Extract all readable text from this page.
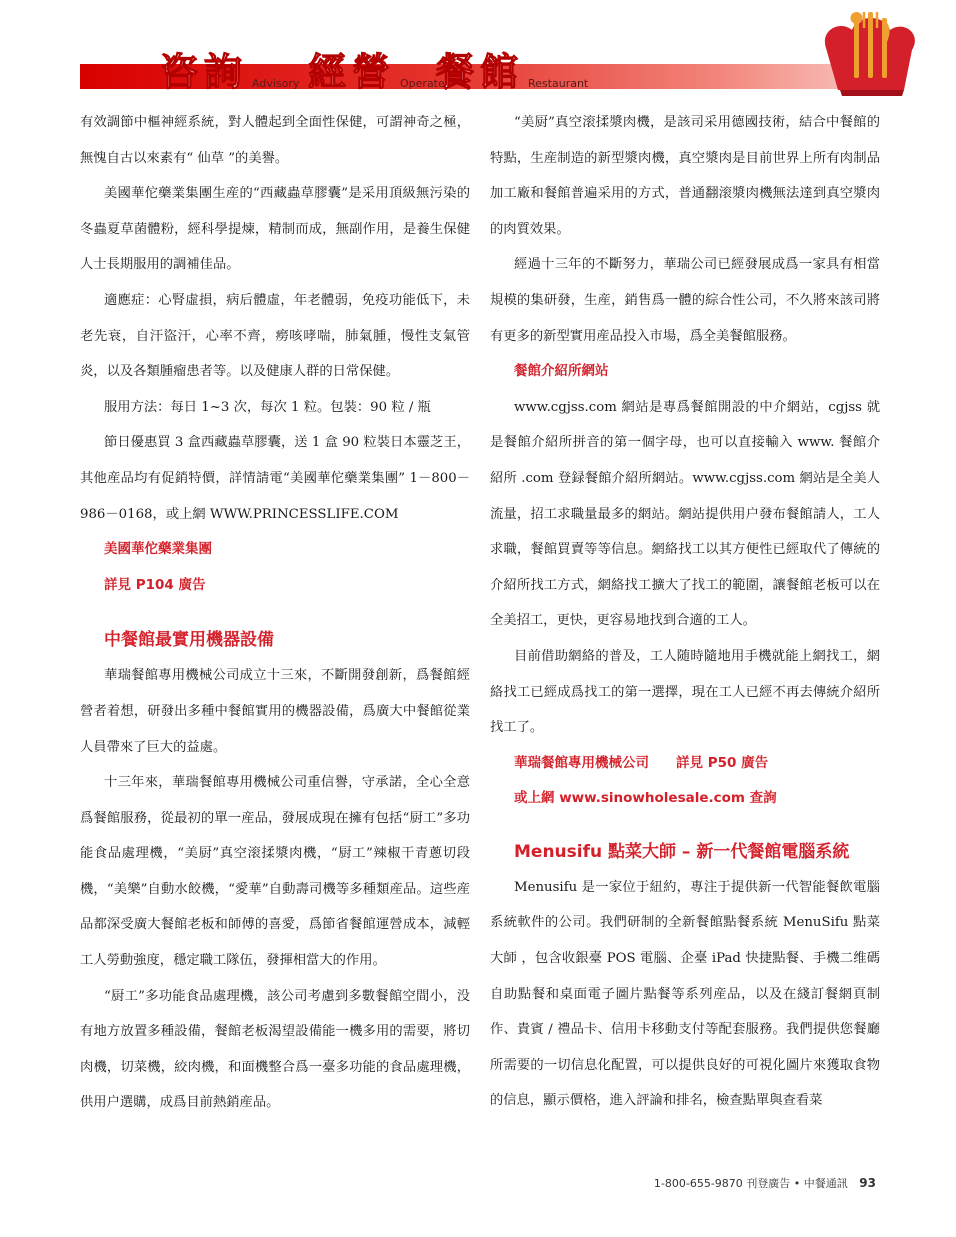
咨詢 Advisory 經營 Operate
餐館 Restaurant

有效調節中樞神經系統，對人體起到全面性保健，可謂神奇之極，無愧自古以來素有“ 仙草 ”的美譽。

美國華佗藥業集團生産的“西藏蟲草膠囊”是采用頂級無污染的冬蟲夏草菌體粉，經科學提煉，精制而成，無副作用，是養生保健人士長期服用的調補佳品。

適應症：心腎虛損，病后體虛，年老體弱，免疫功能低下，未老先衰，自汗盜汗，心率不齊，癆咳哮喘，肺氣腫，慢性支氣管炎，以及各類腫瘤患者等。以及健康人群的日常保健。

服用方法：每日 1~3 次，每次 1 粒。包裝：90 粒 / 瓶

節日優惠買 3 盒西藏蟲草膠囊，送 1 盒 90 粒裝日本靈芝王，其他産品均有促銷特價，詳情請電“美國華佗藥業集團” 1－800－986－0168，或上網 WWW.PRINCESSLIFE.COM

美國華佗藥業集團

詳見 P104 廣告

中餐館最實用機器設備

華瑞餐館專用機械公司成立十三來，不斷開發創新，爲餐館經營者着想，研發出多種中餐館實用的機器設備，爲廣大中餐館從業人員帶來了巨大的益處。

十三年來，華瑞餐館專用機械公司重信譽，守承諾，全心全意爲餐館服務，從最初的單一産品，發展成現在擁有包括“厨工”多功能食品處理機，“美厨”真空滚揉漿肉機，“厨工”辣椒干青蔥切段機，“美樂”自動水餃機，“愛華”自動壽司機等多種類産品。這些産品都深受廣大餐館老板和師傅的喜愛，爲節省餐館運營成本，減輕工人勞動強度，穩定職工隊伍，發揮相當大的作用。

“厨工”多功能食品處理機，該公司考慮到多數餐館空間小，没有地方放置多種設備，餐館老板渴望設備能一機多用的需要，將切肉機，切菜機，絞肉機，和面機整合爲一臺多功能的食品處理機，供用户選購，成爲目前熱銷産品。

“美厨”真空滚揉漿肉機，是該司采用德國技術，結合中餐館的特點，生産制造的新型漿肉機，真空漿肉是目前世界上所有肉制品加工廠和餐館普遍采用的方式，普通翻滚漿肉機無法達到真空漿肉的肉質效果。

經過十三年的不斷努力，華瑞公司已經發展成爲一家具有相當規模的集研發，生産，銷售爲一體的綜合性公司，不久將來該司將有更多的新型實用産品投入市場，爲全美餐館服務。

餐館介紹所網站

www.cgjss.com 網站是專爲餐館開設的中介網站，cgjss 就是餐館介紹所拼音的第一個字母，也可以直接輸入 www. 餐館介紹所 .com 登録餐館介紹所網站。www.cgjss.com 網站是全美人流量，招工求職量最多的網站。網站提供用户發布餐館請人，工人求職，餐館買賣等等信息。網絡找工以其方便性已經取代了傳統的介紹所找工方式，網絡找工擴大了找工的範圍，讓餐館老板可以在全美招工，更快，更容易地找到合適的工人。

目前借助網絡的普及，工人随時隨地用手機就能上網找工，網絡找工已經成爲找工的第一選擇，現在工人已經不再去傳統介紹所找工了。

華瑞餐館專用機械公司　　詳見 P50 廣告

或上網 www.sinowholesale.com 查詢

Menusifu 點菜大師 – 新一代餐館電腦系統

Menusifu 是一家位于紐約，專注于提供新一代智能餐飲電腦系統軟件的公司。我們研制的全新餐館點餐系統 MenuSifu 點菜大師 ，包含收銀臺 POS 電腦、企臺 iPad 快捷點餐、手機二维碼自助點餐和桌面電子圖片點餐等系列産品，以及在綫訂餐網頁制作、貴賓 / 禮品卡、信用卡移動支付等配套服務。我們提供您餐廳所需要的一切信息化配置，可以提供良好的可視化圖片來獲取食物的信息，顯示價格，進入評論和排名，檢查點單與查看菜

1-800-655-9870 刊登廣告 • 中餐通訊 93
